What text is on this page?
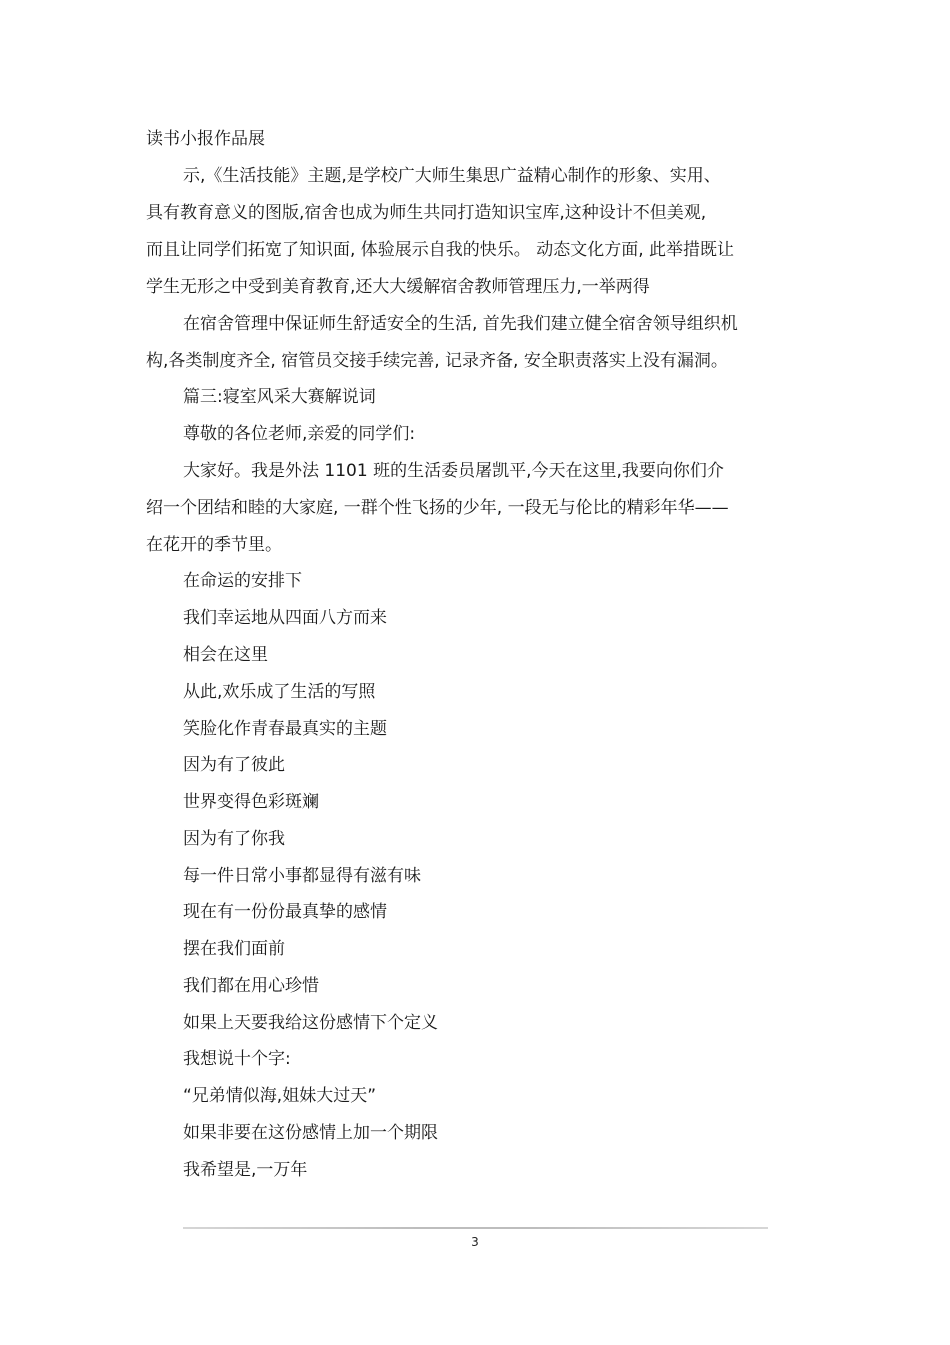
读书小报作品展
示,《生活技能》主题,是学校广大师生集思广益精心制作的形象、实用、
具有教育意义的图版,宿舍也成为师生共同打造知识宝库,这种设计不但美观,
而且让同学们拓宽了知识面, 体验展示自我的快乐。 动态文化方面, 此举措既让
学生无形之中受到美育教育,还大大缓解宿舍教师管理压力,一举两得
在宿舍管理中保证师生舒适安全的生活, 首先我们建立健全宿舍领导组织机
构,各类制度齐全, 宿管员交接手续完善, 记录齐备, 安全职责落实上没有漏洞。
篇三:寝室风采大赛解说词
尊敬的各位老师,亲爱的同学们:
大家好。我是外法 1101 班的生活委员屠凯平,今天在这里,我要向你们介
绍一个团结和睦的大家庭, 一群个性飞扬的少年, 一段无与伦比的精彩年华——
在花开的季节里。
在命运的安排下
我们幸运地从四面八方而来
相会在这里
从此,欢乐成了生活的写照
笑脸化作青春最真实的主题
因为有了彼此
世界变得色彩斑斓
因为有了你我
每一件日常小事都显得有滋有味
现在有一份份最真挚的感情
摆在我们面前
我们都在用心珍惜
如果上天要我给这份感情下个定义
我想说十个字:
“兄弟情似海,姐妹大过天”
如果非要在这份感情上加一个期限
我希望是,一万年
3
